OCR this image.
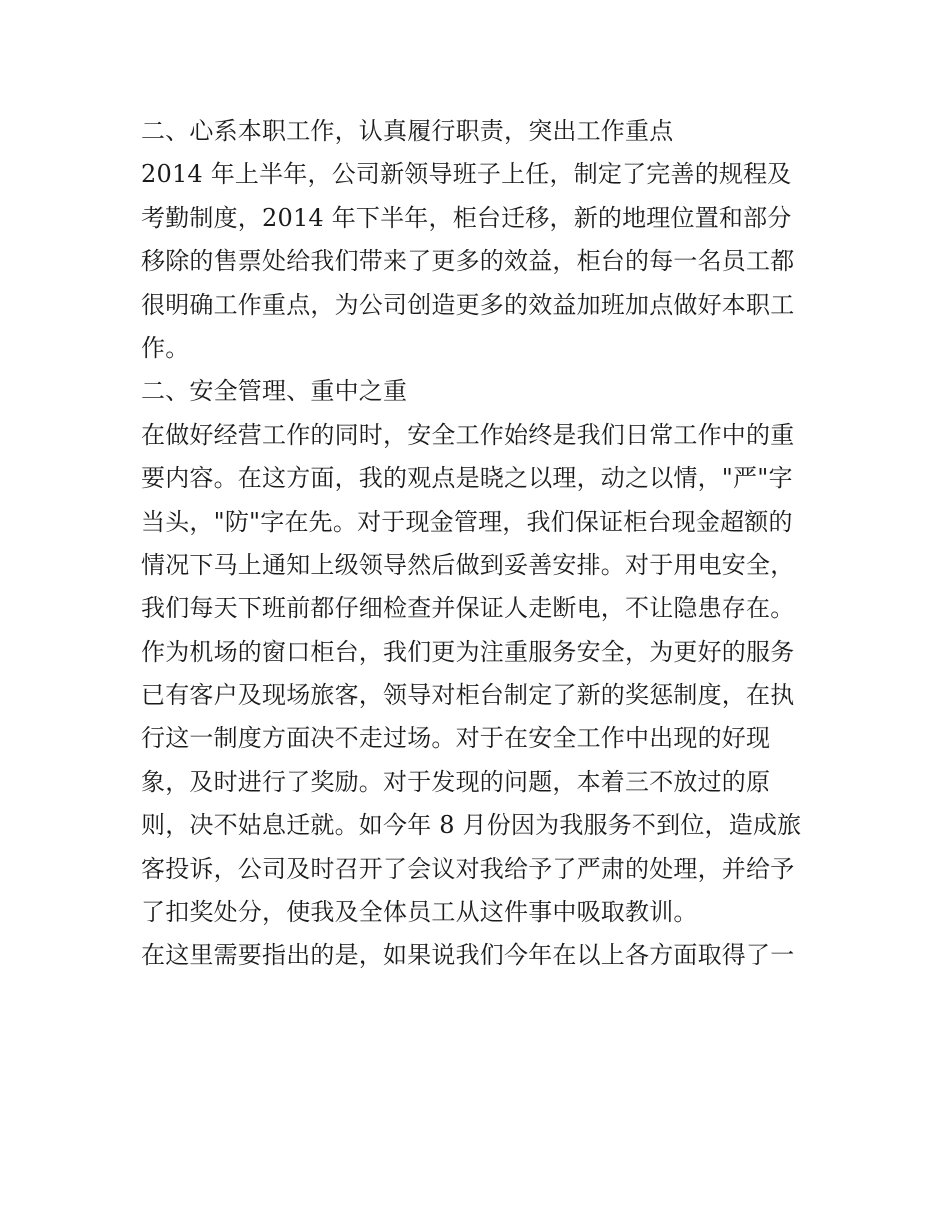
二、心系本职工作，认真履行职责，突出工作重点
2014 年上半年，公司新领导班子上任，制定了完善的规程及
考勤制度，2014 年下半年，柜台迁移，新的地理位置和部分
移除的售票处给我们带来了更多的效益，柜台的每一名员工都
很明确工作重点，为公司创造更多的效益加班加点做好本职工
作。
二、安全管理、重中之重
在做好经营工作的同时，安全工作始终是我们日常工作中的重
要内容。在这方面，我的观点是晓之以理，动之以情，"严"字
当头，"防"字在先。对于现金管理，我们保证柜台现金超额的
情况下马上通知上级领导然后做到妥善安排。对于用电安全，
我们每天下班前都仔细检查并保证人走断电，不让隐患存在。
作为机场的窗口柜台，我们更为注重服务安全，为更好的服务
已有客户及现场旅客，领导对柜台制定了新的奖惩制度，在执
行这一制度方面决不走过场。对于在安全工作中出现的好现
象，及时进行了奖励。对于发现的问题，本着三不放过的原
则，决不姑息迁就。如今年 8 月份因为我服务不到位，造成旅
客投诉，公司及时召开了会议对我给予了严肃的处理，并给予
了扣奖处分，使我及全体员工从这件事中吸取教训。
在这里需要指出的是，如果说我们今年在以上各方面取得了一
